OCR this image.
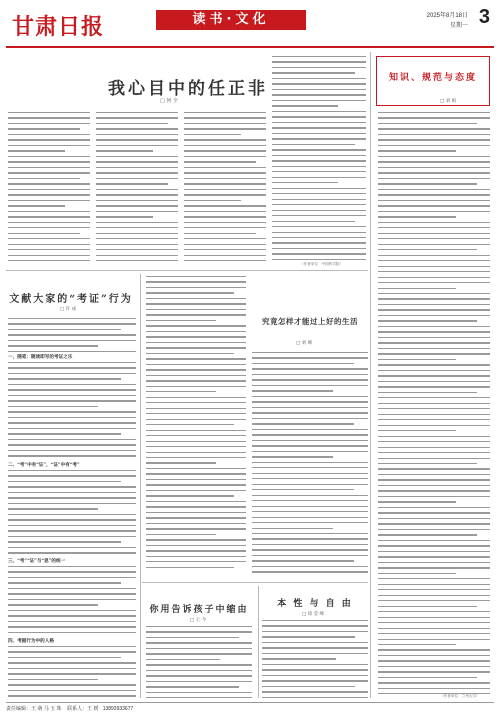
甘肃日报	读书·文化	2025年8月18日
星期一 3
我心目中的任正非
□ 何 全
（作者单位：中国科学院）
知识、规范与态度
□ 刘 娟
（作者单位：兰州大学）
文献大家的“考证”行为
□ 许 成
一、随笔：随读即写的考证之乐
二、“考”中有“证”，“证”中有“考”
三、“考”“证”与“思”的统一
四、考据行为中的人格
究竟怎样才能过上好的生活
□ 刘 峰
你用告诉孩子中缩由
□ 王 今
本 性 与 自 由
□ 徐 莹 峰
责任编辑：王 萌 马 玉 珠 联系人：王 媛 13893933677
